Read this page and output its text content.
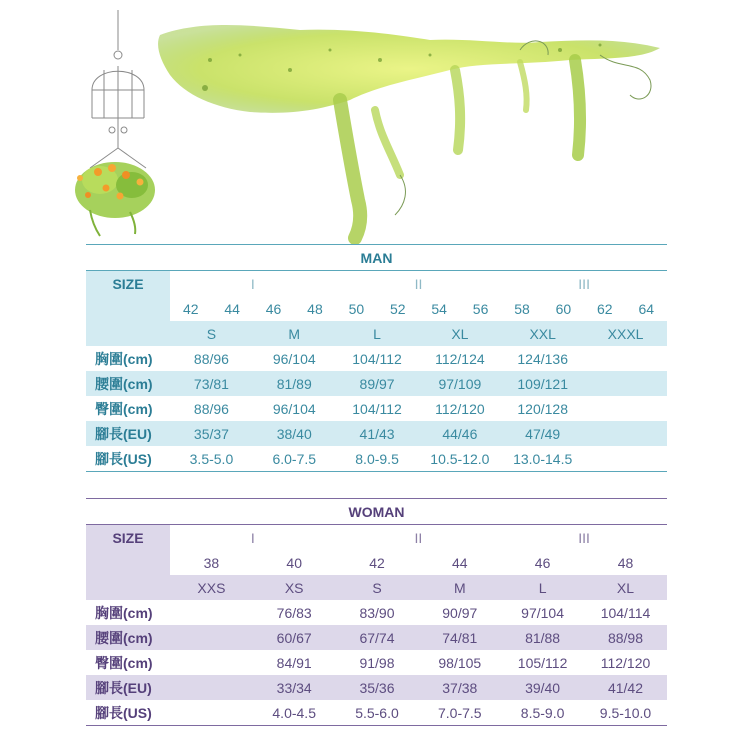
MAN												
SIZE	I				II				III			
	42	44	46	48	50	52	54	56	58	60	62	64
	S		M		L		XL		XXL		XXXL	
胸圍(cm)	88/96		96/104		104/112		112/124		124/136			
腰圍(cm)	73/81		81/89		89/97		97/109		109/121			
臀圍(cm)	88/96		96/104		104/112		112/120		120/128			
腳長(EU)	35/37		38/40		41/43		44/46		47/49			
腳長(US)	3.5-5.0		6.0-7.5		8.0-9.5		10.5-12.0		13.0-14.5			
WOMAN						
SIZE	I		II		III	
	38	40	42	44	46	48
	XXS	XS	S	M	L	XL
胸圍(cm)		76/83	83/90	90/97	97/104	104/114
腰圍(cm)		60/67	67/74	74/81	81/88	88/98
臀圍(cm)		84/91	91/98	98/105	105/112	112/120
腳長(EU)		33/34	35/36	37/38	39/40	41/42
腳長(US)		4.0-4.5	5.5-6.0	7.0-7.5	8.5-9.0	9.5-10.0
